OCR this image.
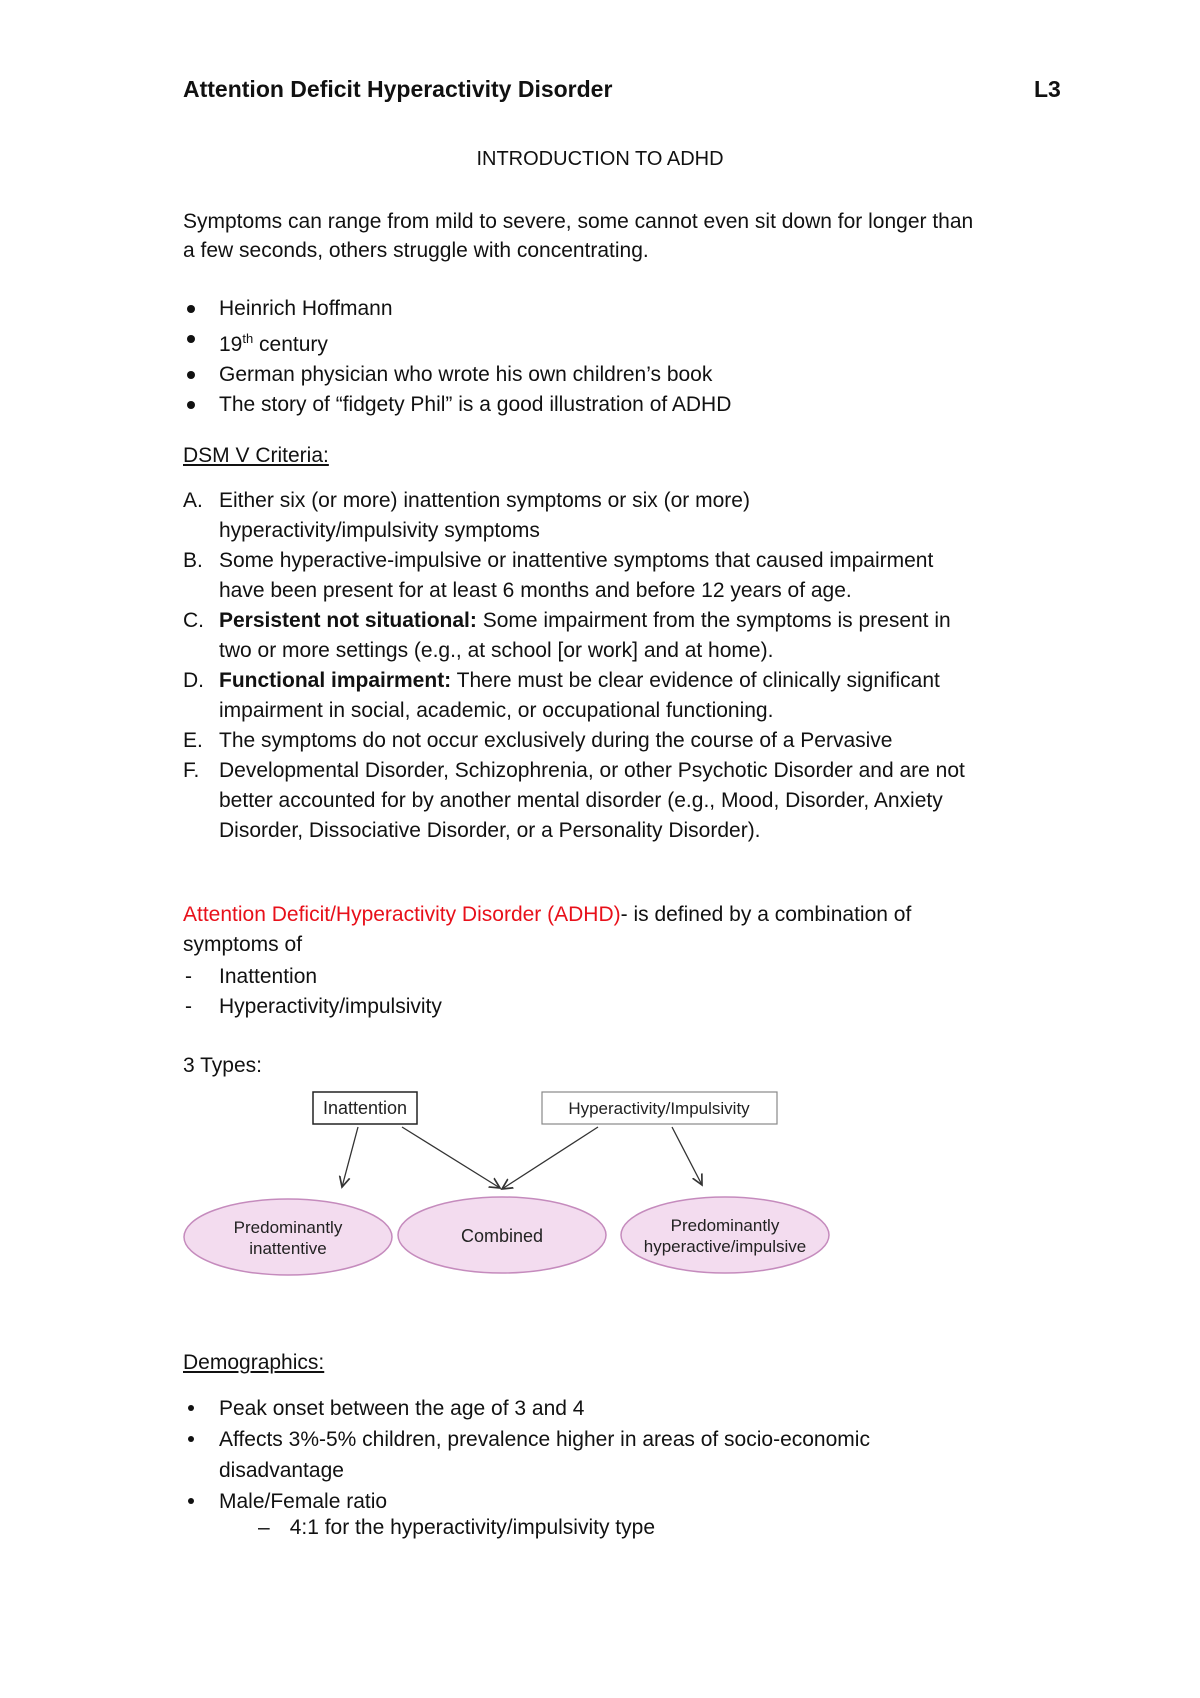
Attention Deficit Hyperactivity Disorder	L3
INTRODUCTION TO ADHD
Symptoms can range from mild to severe, some cannot even sit down for longer than
a few seconds, others struggle with concentrating.
Heinrich Hoffmann
19th century
German physician who wrote his own children’s book
The story of “fidgety Phil” is a good illustration of ADHD
DSM V Criteria:
A. Either six (or more) inattention symptoms or six (or more)
hyperactivity/impulsivity symptoms
B. Some hyperactive-impulsive or inattentive symptoms that caused impairment
have been present for at least 6 months and before 12 years of age.
C. Persistent not situational: Some impairment from the symptoms is present in
two or more settings (e.g., at school [or work] and at home).
D. Functional impairment: There must be clear evidence of clinically significant
impairment in social, academic, or occupational functioning.
E. The symptoms do not occur exclusively during the course of a Pervasive
F. Developmental Disorder, Schizophrenia, or other Psychotic Disorder and are not
better accounted for by another mental disorder (e.g., Mood, Disorder, Anxiety
Disorder, Dissociative Disorder, or a Personality Disorder).
Attention Deficit/Hyperactivity Disorder (ADHD)- is defined by a combination of
symptoms of
- Inattention
- Hyperactivity/impulsivity
3 Types:
Inattention	Hyperactivity/Impulsivity
Predominantly
inattentive
Combined
Predominantly
hyperactive/impulsive
Demographics:
Peak onset between the age of 3 and 4
Affects 3%-5% children, prevalence higher in areas of socio-economic
disadvantage
Male/Female ratio
– 4:1 for the hyperactivity/impulsivity type
